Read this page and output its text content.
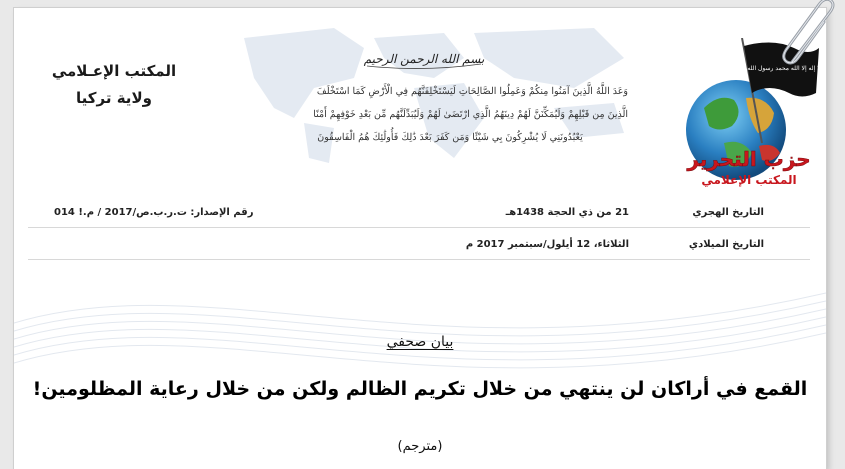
المكتب الإعـلامي
ولاية تركيا
بسم الله الرحمن الرحيم
وَعَدَ اللَّهُ الَّذِينَ آمَنُوا مِنكُمْ وَعَمِلُوا الصَّالِحَاتِ لَيَسْتَخْلِفَنَّهُم فِي الْأَرْضِ كَمَا اسْتَخْلَفَ
الَّذِينَ مِن قَبْلِهِمْ وَلَيُمَكِّنَنَّ لَهُمْ دِينَهُمُ الَّذِي ارْتَضَىٰ لَهُمْ وَلَيُبَدِّلَنَّهُم مِّن بَعْدِ خَوْفِهِمْ أَمْنًا
يَعْبُدُونَنِي لَا يُشْرِكُونَ بِي شَيْئًا وَمَن كَفَرَ بَعْدَ ذَٰلِكَ فَأُولَٰئِكَ هُمُ الْفَاسِقُونَ
لا إله إلا الله محمد رسول الله
حزب التحرير
المكتب الإعلامي
التاريخ الهجري
21 من ذي الحجة 1438هـ
رقم الإصدار: ت.ر.ب.ص/2017 / م.! 014
التاريخ الميلادي
الثلاثاء، 12 أيلول/سبتمبر 2017 م
بيان صحفي
القمع في أراكان لن ينتهي من خلال تكريم الظالم ولكن من خلال رعاية المظلومين!
(مترجم)
